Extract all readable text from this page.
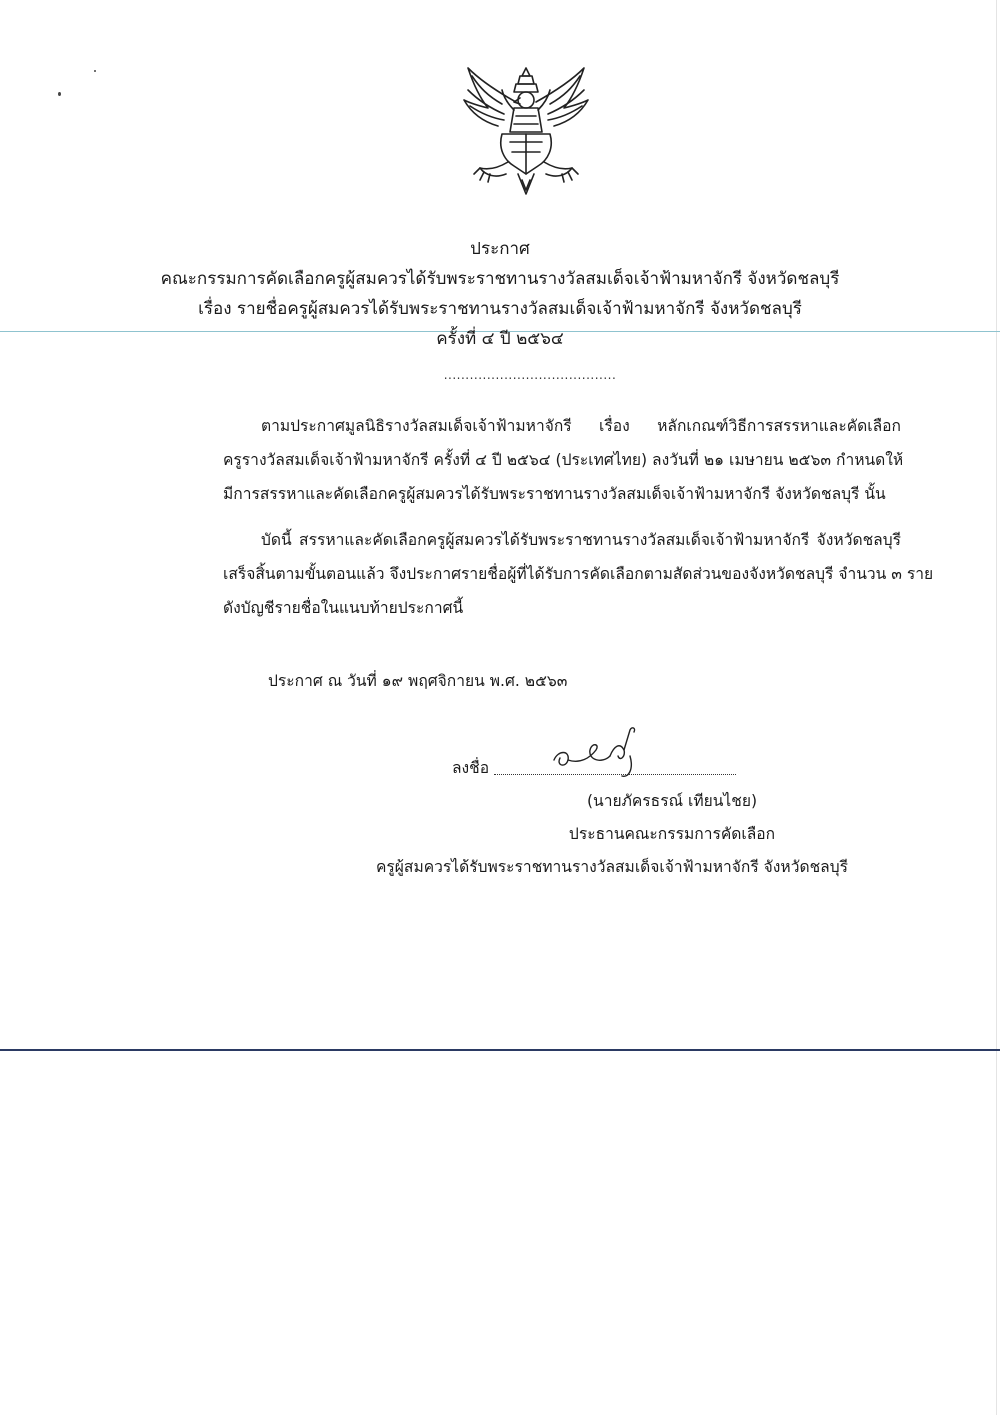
ประกาศ
คณะกรรมการคัดเลือกครูผู้สมควรได้รับพระราชทานรางวัลสมเด็จเจ้าฟ้ามหาจักรี จังหวัดชลบุรี
เรื่อง รายชื่อครูผู้สมควรได้รับพระราชทานรางวัลสมเด็จเจ้าฟ้ามหาจักรี จังหวัดชลบุรี
ครั้งที่ ๔ ปี ๒๕๖๔
........................................
ตามประกาศมูลนิธิรางวัลสมเด็จเจ้าฟ้ามหาจักรี เรื่อง หลักเกณฑ์วิธีการสรรหาและคัดเลือก
ครูรางวัลสมเด็จเจ้าฟ้ามหาจักรี ครั้งที่ ๔ ปี ๒๕๖๔ (ประเทศไทย) ลงวันที่ ๒๑ เมษายน ๒๕๖๓ กำหนดให้
มีการสรรหาและคัดเลือกครูผู้สมควรได้รับพระราชทานรางวัลสมเด็จเจ้าฟ้ามหาจักรี จังหวัดชลบุรี นั้น
บัดนี้ สรรหาและคัดเลือกครูผู้สมควรได้รับพระราชทานรางวัลสมเด็จเจ้าฟ้ามหาจักรี จังหวัดชลบุรี
เสร็จสิ้นตามขั้นตอนแล้ว จึงประกาศรายชื่อผู้ที่ได้รับการคัดเลือกตามสัดส่วนของจังหวัดชลบุรี จำนวน ๓ ราย
ดังบัญชีรายชื่อในแนบท้ายประกาศนี้
ประกาศ ณ วันที่ ๑๙ พฤศจิกายน พ.ศ. ๒๕๖๓
ลงชื่อ
(นายภัครธรณ์ เทียนไชย)
ประธานคณะกรรมการคัดเลือก
ครูผู้สมควรได้รับพระราชทานรางวัลสมเด็จเจ้าฟ้ามหาจักรี จังหวัดชลบุรี
